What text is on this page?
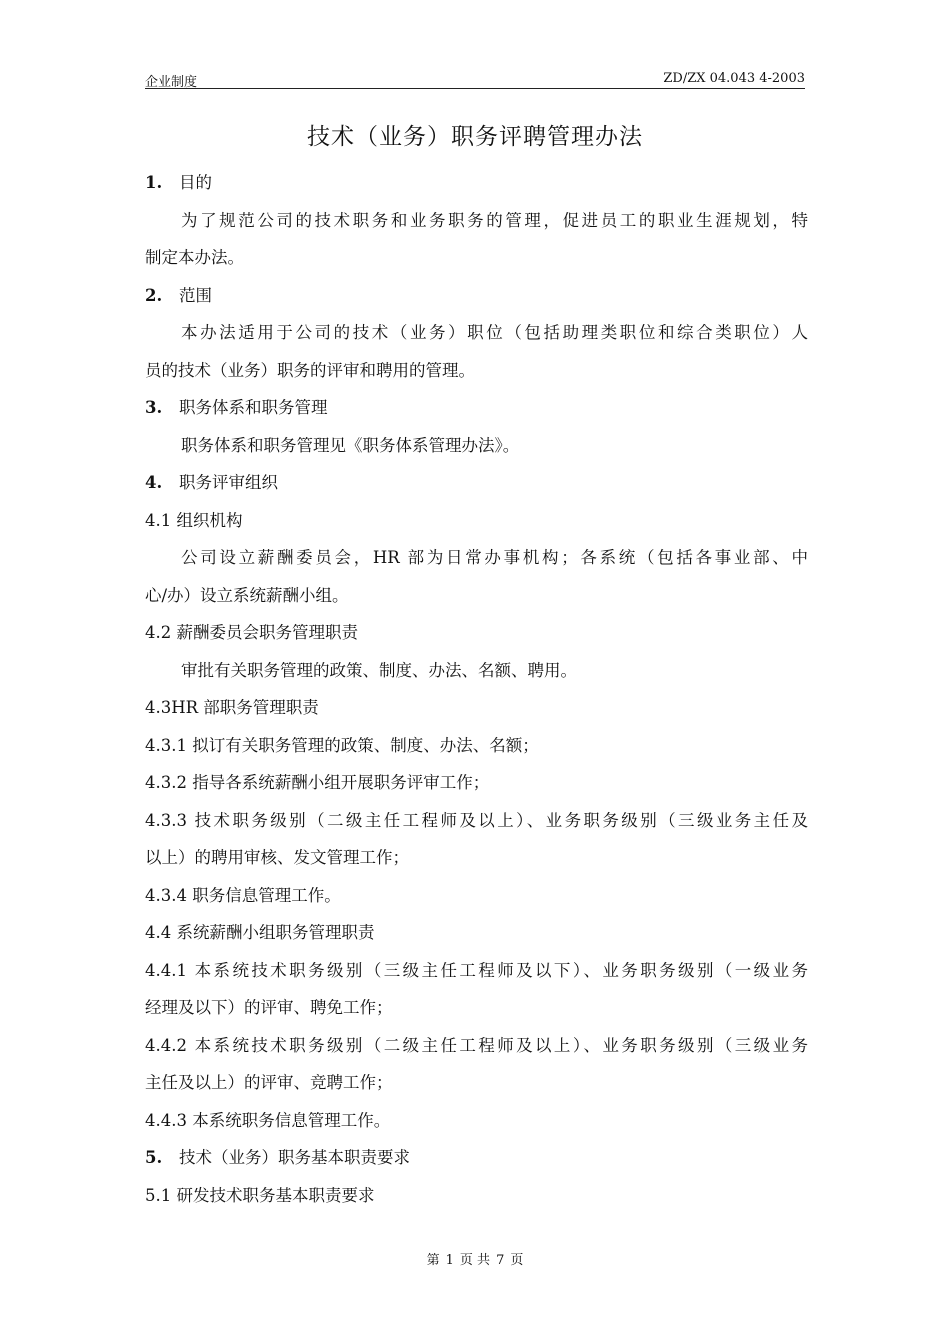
企业制度	ZD/ZX 04.043 4-2003
技术（业务）职务评聘管理办法
1. 目的
为了规范公司的技术职务和业务职务的管理，促进员工的职业生涯规划，特
制定本办法。
2. 范围
本办法适用于公司的技术（业务）职位（包括助理类职位和综合类职位）人
员的技术（业务）职务的评审和聘用的管理。
3. 职务体系和职务管理
职务体系和职务管理见《职务体系管理办法》。
4. 职务评审组织
4.1 组织机构
公司设立薪酬委员会，HR 部为日常办事机构；各系统（包括各事业部、中
心/办）设立系统薪酬小组。
4.2 薪酬委员会职务管理职责
审批有关职务管理的政策、制度、办法、名额、聘用。
4.3HR 部职务管理职责
4.3.1 拟订有关职务管理的政策、制度、办法、名额；
4.3.2 指导各系统薪酬小组开展职务评审工作；
4.3.3 技术职务级别（二级主任工程师及以上）、业务职务级别（三级业务主任及
以上）的聘用审核、发文管理工作；
4.3.4 职务信息管理工作。
4.4 系统薪酬小组职务管理职责
4.4.1 本系统技术职务级别（三级主任工程师及以下）、业务职务级别（一级业务
经理及以下）的评审、聘免工作；
4.4.2 本系统技术职务级别（二级主任工程师及以上）、业务职务级别（三级业务
主任及以上）的评审、竞聘工作；
4.4.3 本系统职务信息管理工作。
5. 技术（业务）职务基本职责要求
5.1 研发技术职务基本职责要求
第 1 页 共 7 页
